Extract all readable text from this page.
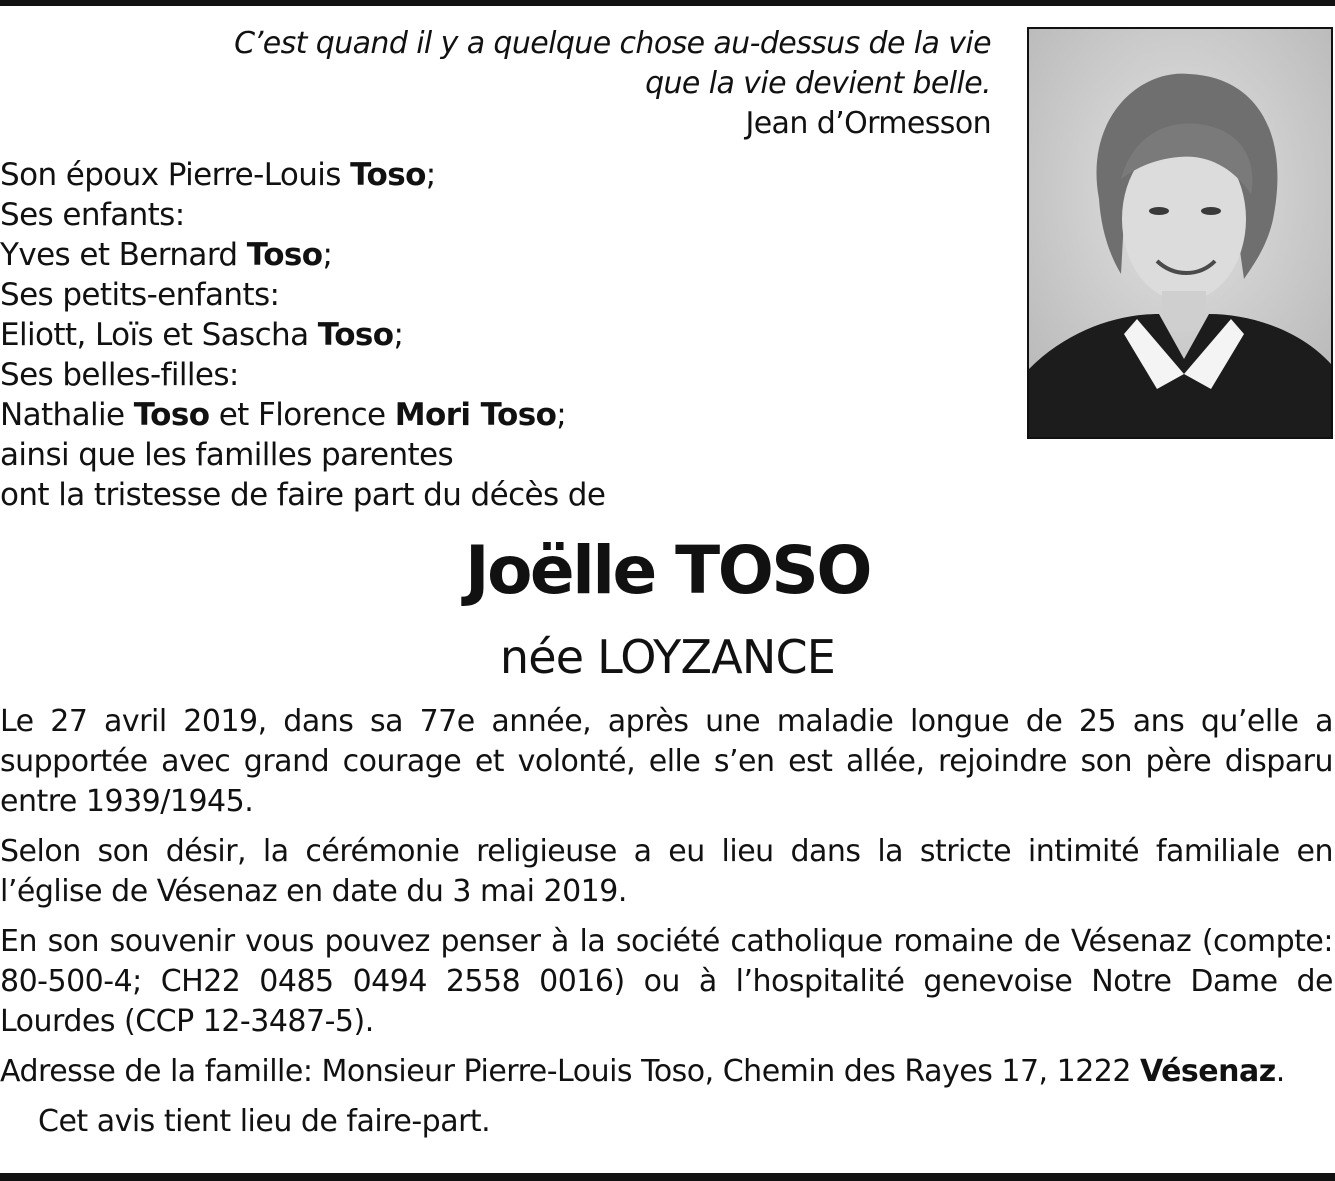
C’est quand il y a quelque chose au-dessus de la vie
que la vie devient belle.
Jean d’Ormesson
Son époux Pierre-Louis Toso;
Ses enfants:
Yves et Bernard Toso;
Ses petits-enfants:
Eliott, Loïs et Sascha Toso;
Ses belles-filles:
Nathalie Toso et Florence Mori Toso;
ainsi que les familles parentes
ont la tristesse de faire part du décès de
Joëlle TOSO
née LOYZANCE

Le 27 avril 2019, dans sa 77e année, après une maladie longue de 25 ans qu’elle a supportée avec grand courage et volonté, elle s’en est allée, rejoindre son père disparu entre 1939/1945.

Selon son désir, la cérémonie religieuse a eu lieu dans la stricte intimité familiale en l’église de Vésenaz en date du 3 mai 2019.

En son souvenir vous pouvez penser à la société catholique romaine de Vésenaz (compte: 80-500-4; CH22 0485 0494 2558 0016) ou à l’hospitalité genevoise Notre Dame de Lourdes (CCP 12-3487-5).

Adresse de la famille: Monsieur Pierre-Louis Toso, Chemin des Rayes 17, 1222 Vésenaz.

Cet avis tient lieu de faire-part.
